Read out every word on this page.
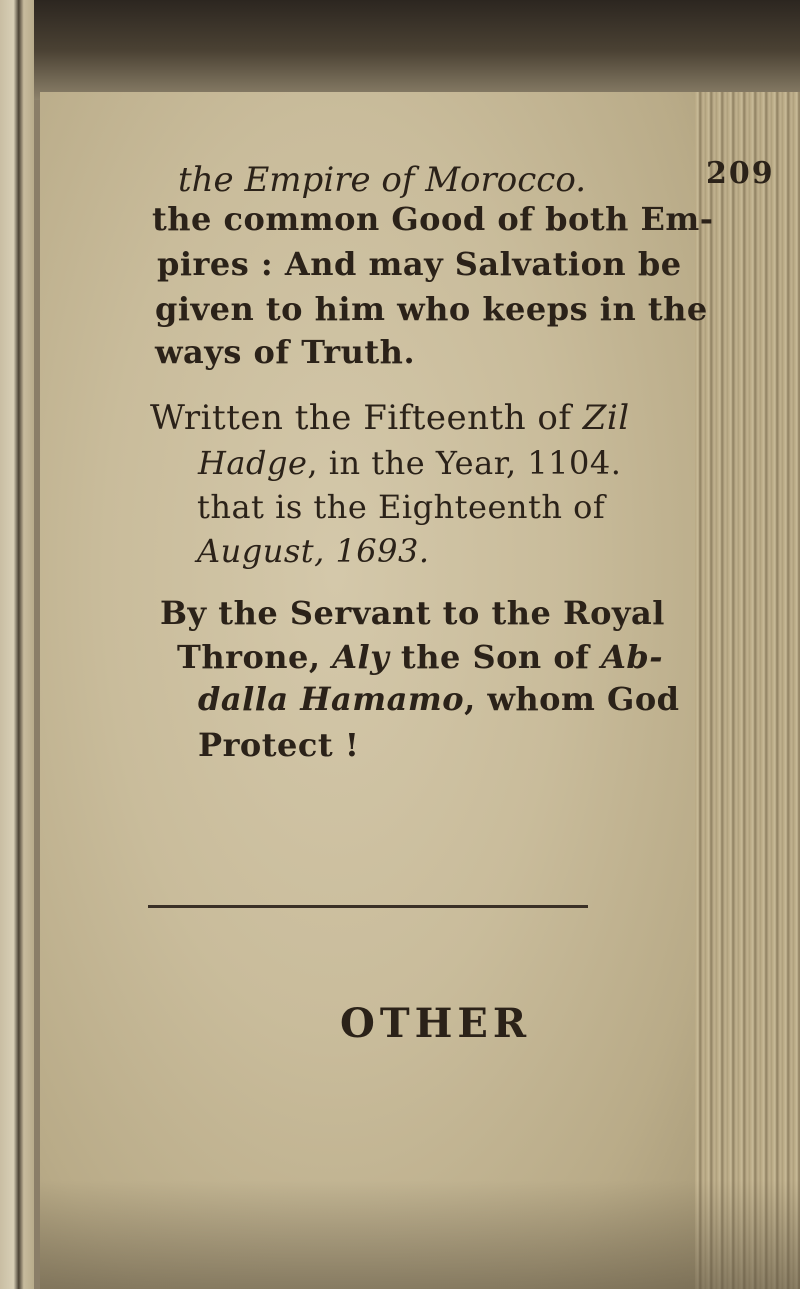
the Empire of Morocco.	209
the common Good of both Em-
pires : And may Salvation be
given to him who keeps in the
ways of Truth.
Written the Fifteenth of Zil
Hadge, in the Year, 1104.
that is the Eighteenth of
August, 1693.
By the Servant to the Royal
Throne, Aly the Son of Ab-
dalla Hamamo, whom God
Protect !
OTHER
